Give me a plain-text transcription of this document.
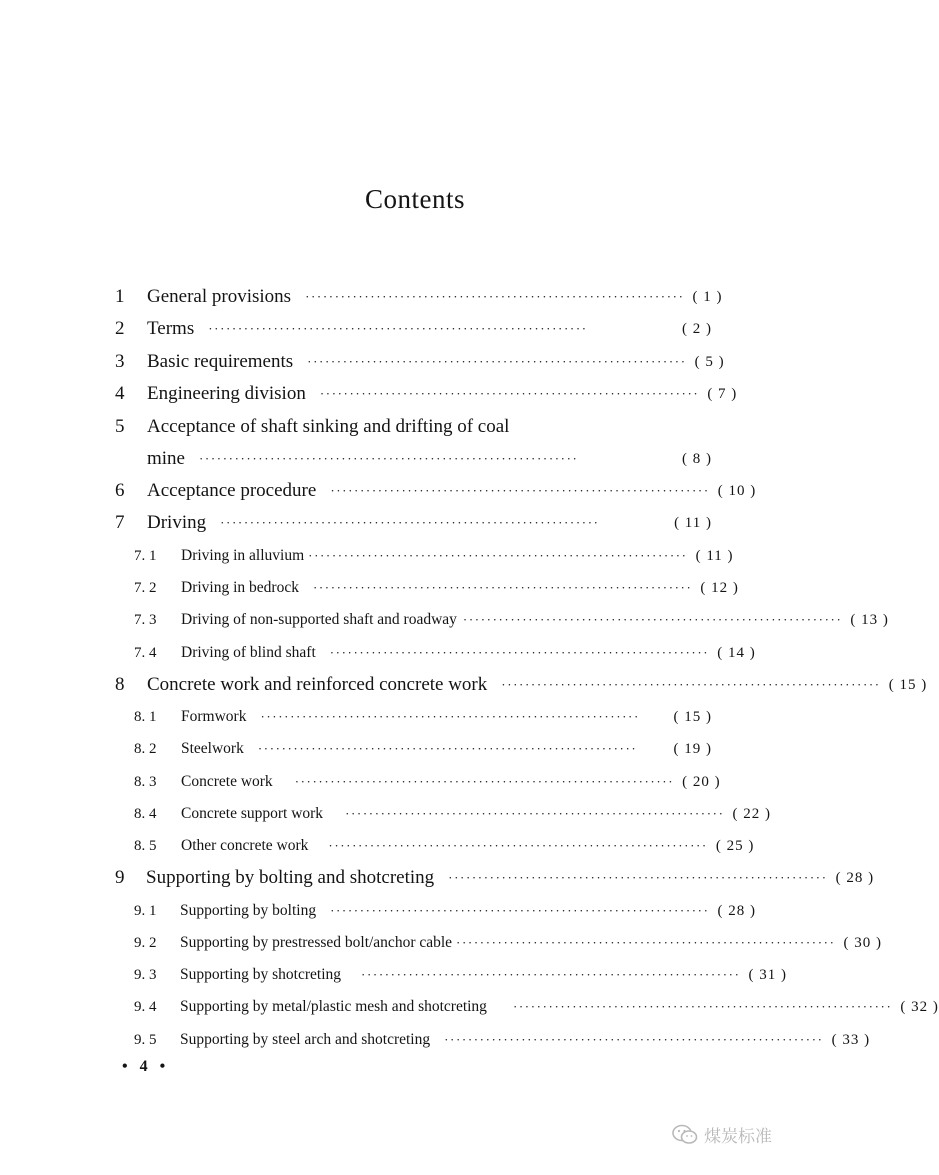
Contents
1 General provisions ································································ ( 1 )
2 Terms ································································	( 2 )
3 Basic requirements ································································ ( 5 )
4 Engineering division ································································ ( 7 )
5 Acceptance of shaft sinking and drifting of coal
mine ································································	( 8 )
6 Acceptance procedure ································································ ( 10 )
7 Driving ································································	( 11 )
7. 1 Driving in alluvium ································································ ( 11 )
7. 2 Driving in bedrock ································································ ( 12 )
7. 3 Driving of non-supported shaft and roadway ································································ ( 13 )
7. 4 Driving of blind shaft ································································ ( 14 )
8 Concrete work and reinforced concrete work ································································ ( 15 )
8. 1 Formwork ································································	( 15 )
8. 2 Steelwork ································································	( 19 )
8. 3 Concrete work ································································ ( 20 )
8. 4 Concrete support work ································································ ( 22 )
8. 5 Other concrete work ································································ ( 25 )
9 Supporting by bolting and shotcreting ································································ ( 28 )
9. 1 Supporting by bolting ································································ ( 28 )
9. 2 Supporting by prestressed bolt/anchor cable ································································ ( 30 )
9. 3 Supporting by shotcreting ································································ ( 31 )
9. 4 Supporting by metal/plastic mesh and shotcreting ································································ ( 32 )
9. 5 Supporting by steel arch and shotcreting ································································ ( 33 )
• 4 •
煤炭标准
